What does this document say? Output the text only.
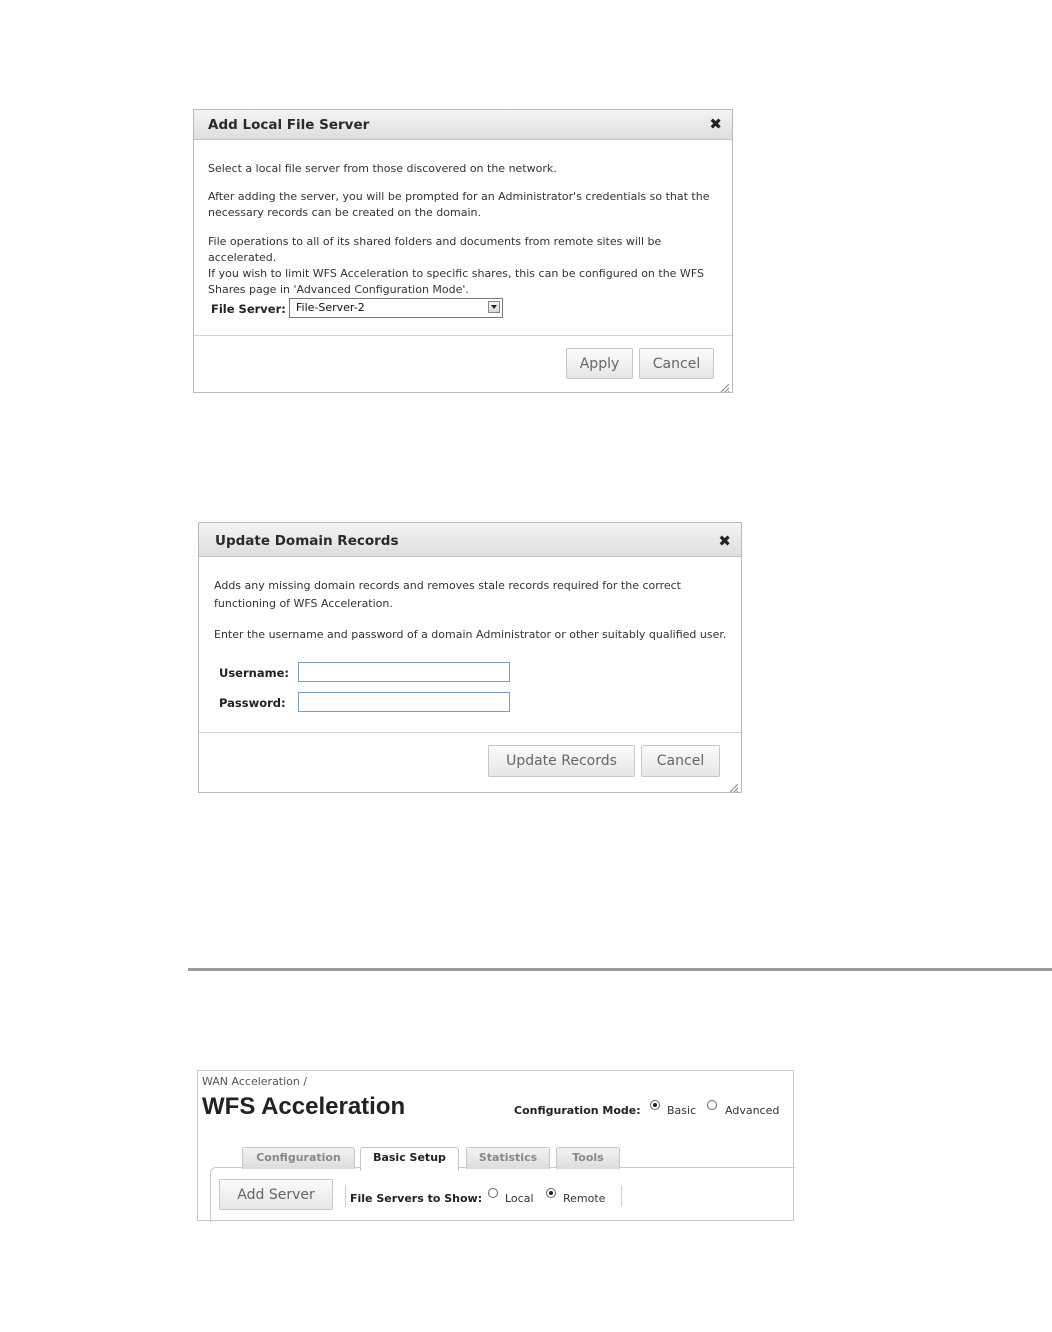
Add Local File Server	✖
Select a local file server from those discovered on the network.
After adding the server, you will be prompted for an Administrator's credentials so that the
necessary records can be created on the domain.
File operations to all of its shared folders and documents from remote sites will be accelerated.
If you wish to limit WFS Acceleration to specific shares, this can be configured on the WFS
Shares page in 'Advanced Configuration Mode'.
File Server: File-Server-2
Apply	Cancel
Update Domain Records	✖
Adds any missing domain records and removes stale records required for the correct
functioning of WFS Acceleration.
Enter the username and password of a domain Administrator or other suitably qualified user.
Username:
Password:
Update Records	Cancel
WAN Acceleration /
WFS Acceleration	Configuration Mode: Basic	Advanced
Configuration	Basic Setup	Statistics	Tools
Add Server	File Servers to Show: Local	Remote
